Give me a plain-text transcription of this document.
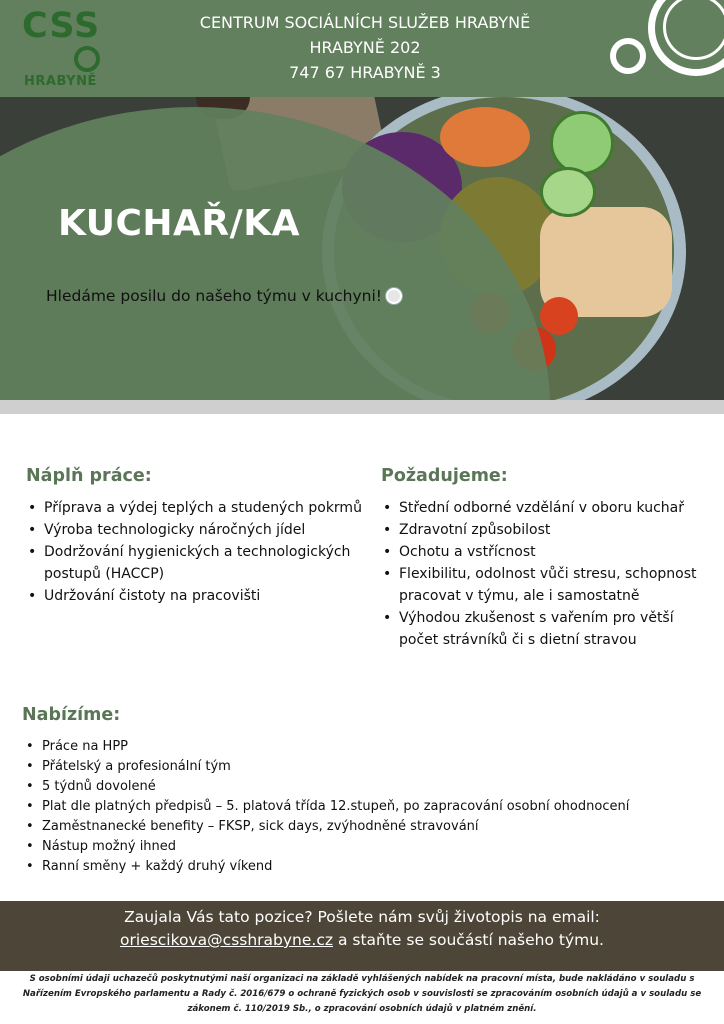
CSS
HRABYNĚ
CENTRUM SOCIÁLNÍCH SLUŽEB HRABYNĚ
HRABYNĚ 202
747 67 HRABYNĚ 3
KUCHAŘ/KA
Hledáme posilu do našeho týmu v kuchyni!
Náplň práce:
• Příprava a výdej teplých a studených pokrmů
• Výroba technologicky náročných jídel
• Dodržování hygienických a technologických postupů (HACCP)
• Udržování čistoty na pracovišti
Požadujeme:
• Střední odborné vzdělání v oboru kuchař
• Zdravotní způsobilost
• Ochotu a vstřícnost
• Flexibilitu, odolnost vůči stresu, schopnost pracovat v týmu, ale i samostatně
• Výhodou zkušenost s vařením pro větší počet strávníků či s dietní stravou
Nabízíme:
• Práce na HPP
• Přátelský a profesionální tým
• 5 týdnů dovolené
• Plat dle platných předpisů – 5. platová třída 12.stupeň, po zapracování osobní ohodnocení
• Zaměstnanecké benefity – FKSP, sick days, zvýhodněné stravování
• Nástup možný ihned
• Ranní směny + každý druhý víkend
Zaujala Vás tato pozice? Pošlete nám svůj životopis na email:
oriescikova@csshrabyne.cz a staňte se součástí našeho týmu.
S osobními údaji uchazečů poskytnutými naší organizaci na základě vyhlášených nabídek na pracovní místa, bude nakládáno v souladu s Nařízením Evropského parlamentu a Rady č. 2016/679 o ochraně fyzických osob v souvislosti se zpracováním osobních údajů a v souladu se zákonem č. 110/2019 Sb., o zpracování osobních údajů v platném znění.
